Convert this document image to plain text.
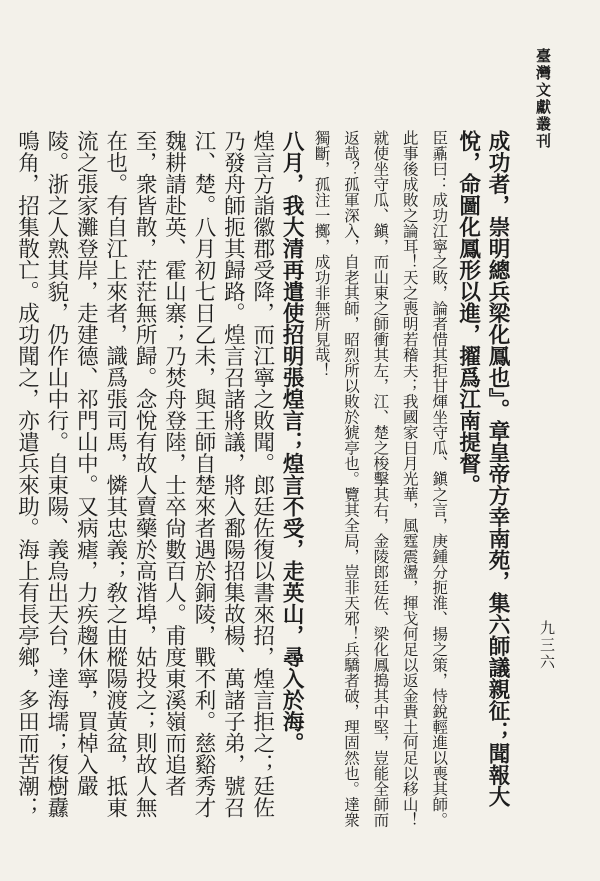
臺灣文獻叢刊
九三六

成功者，崇明總兵梁化鳳也』。章皇帝方幸南苑，集六師議親征；聞報大悅，命圖化鳳形以進，擢爲江南提督。

臣鼒曰：成功江寧之敗，論者惜其拒甘煇坐守瓜、鎭之言，庚鍾分扼淮、揚之策，恃銳輕進以喪其師。此事後成敗之論耳！天之喪明若稽夫；我國家日月光華，風霆震盪，揮戈何足以返金貴土何足以移山！就使坐守瓜、鎭，而山東之師衝其左，江、楚之梭擊其右，金陵郎廷佐、梁化鳳搗其中堅，豈能全師而返哉？孤軍深入，自老其師，昭烈所以敗於猇亭也。覽其全局，豈非天邪！兵驕者破，理固然也。達衆獨斷，孤注一擲，成功非無所見哉！

八月，我大清再遣使招明張煌言；煌言不受，走英山，尋入於海。

煌言方詣徽郡受降，而江寧之敗聞。郎廷佐復以書來招，煌言拒之；廷佐乃發舟師扼其歸路。煌言召諸將議，將入鄱陽招集故楊、萬諸子弟，號召江、楚。八月初七日乙未，與王師自楚來者遇於銅陵，戰不利。慈谿秀才魏耕請赴英、霍山寨；乃焚舟登陸，士卒尙數百人。甫度東溪嶺而追者至，衆皆散，茫茫無所歸。念悅有故人賣藥於高湝埠，姑投之；則故人無在也。有自江上來者，識爲張司馬，憐其忠義；敎之由樅陽渡黃盆，抵東流之張家灘登岸，走建德、祁門山中。又病瘧，力疾趨休寧，買棹入嚴陵。浙之人熟其貌，仍作山中行。自東陽、義烏出天台，達海壖；復樹纛鳴角，招集散亡。成功聞之，亦遣兵來助。海上有長亭鄉，多田而苦潮；
